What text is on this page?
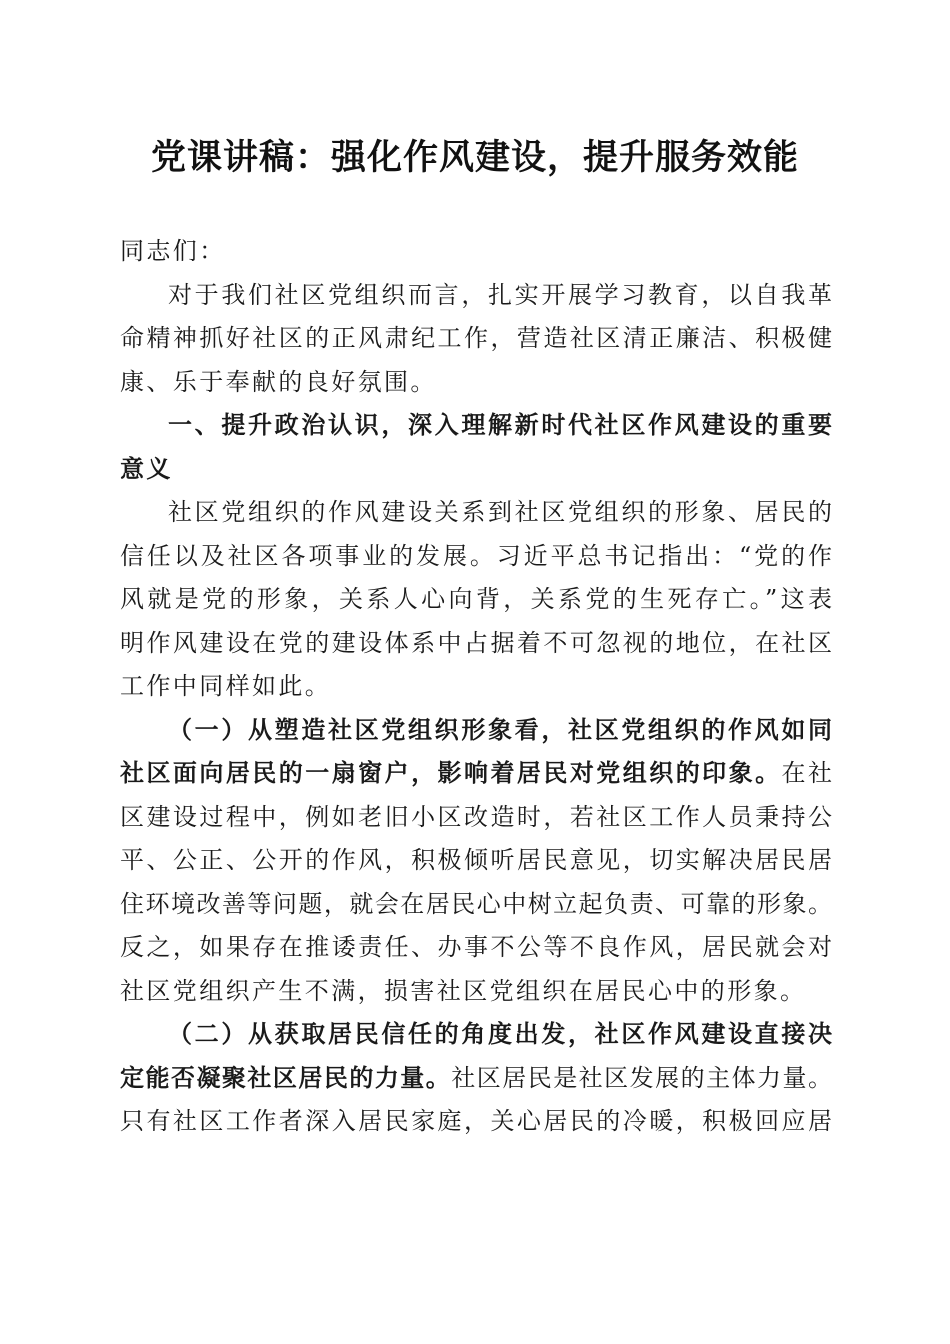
党课讲稿：强化作风建设，提升服务效能
同志们：
对于我们社区党组织而言，扎实开展学习教育，以自我革
命精神抓好社区的正风肃纪工作，营造社区清正廉洁、积极健
康、乐于奉献的良好氛围。
一、提升政治认识，深入理解新时代社区作风建设的重要
意义
社区党组织的作风建设关系到社区党组织的形象、居民的
信任以及社区各项事业的发展。习近平总书记指出：“党的作
风就是党的形象，关系人心向背，关系党的生死存亡。”这表
明作风建设在党的建设体系中占据着不可忽视的地位，在社区
工作中同样如此。
（一）从塑造社区党组织形象看，社区党组织的作风如同
社区面向居民的一扇窗户，影响着居民对党组织的印象。在社
区建设过程中，例如老旧小区改造时，若社区工作人员秉持公
平、公正、公开的作风，积极倾听居民意见，切实解决居民居
住环境改善等问题，就会在居民心中树立起负责、可靠的形象。
反之，如果存在推诿责任、办事不公等不良作风，居民就会对
社区党组织产生不满，损害社区党组织在居民心中的形象。
（二）从获取居民信任的角度出发，社区作风建设直接决
定能否凝聚社区居民的力量。社区居民是社区发展的主体力量。
只有社区工作者深入居民家庭，关心居民的冷暖，积极回应居
